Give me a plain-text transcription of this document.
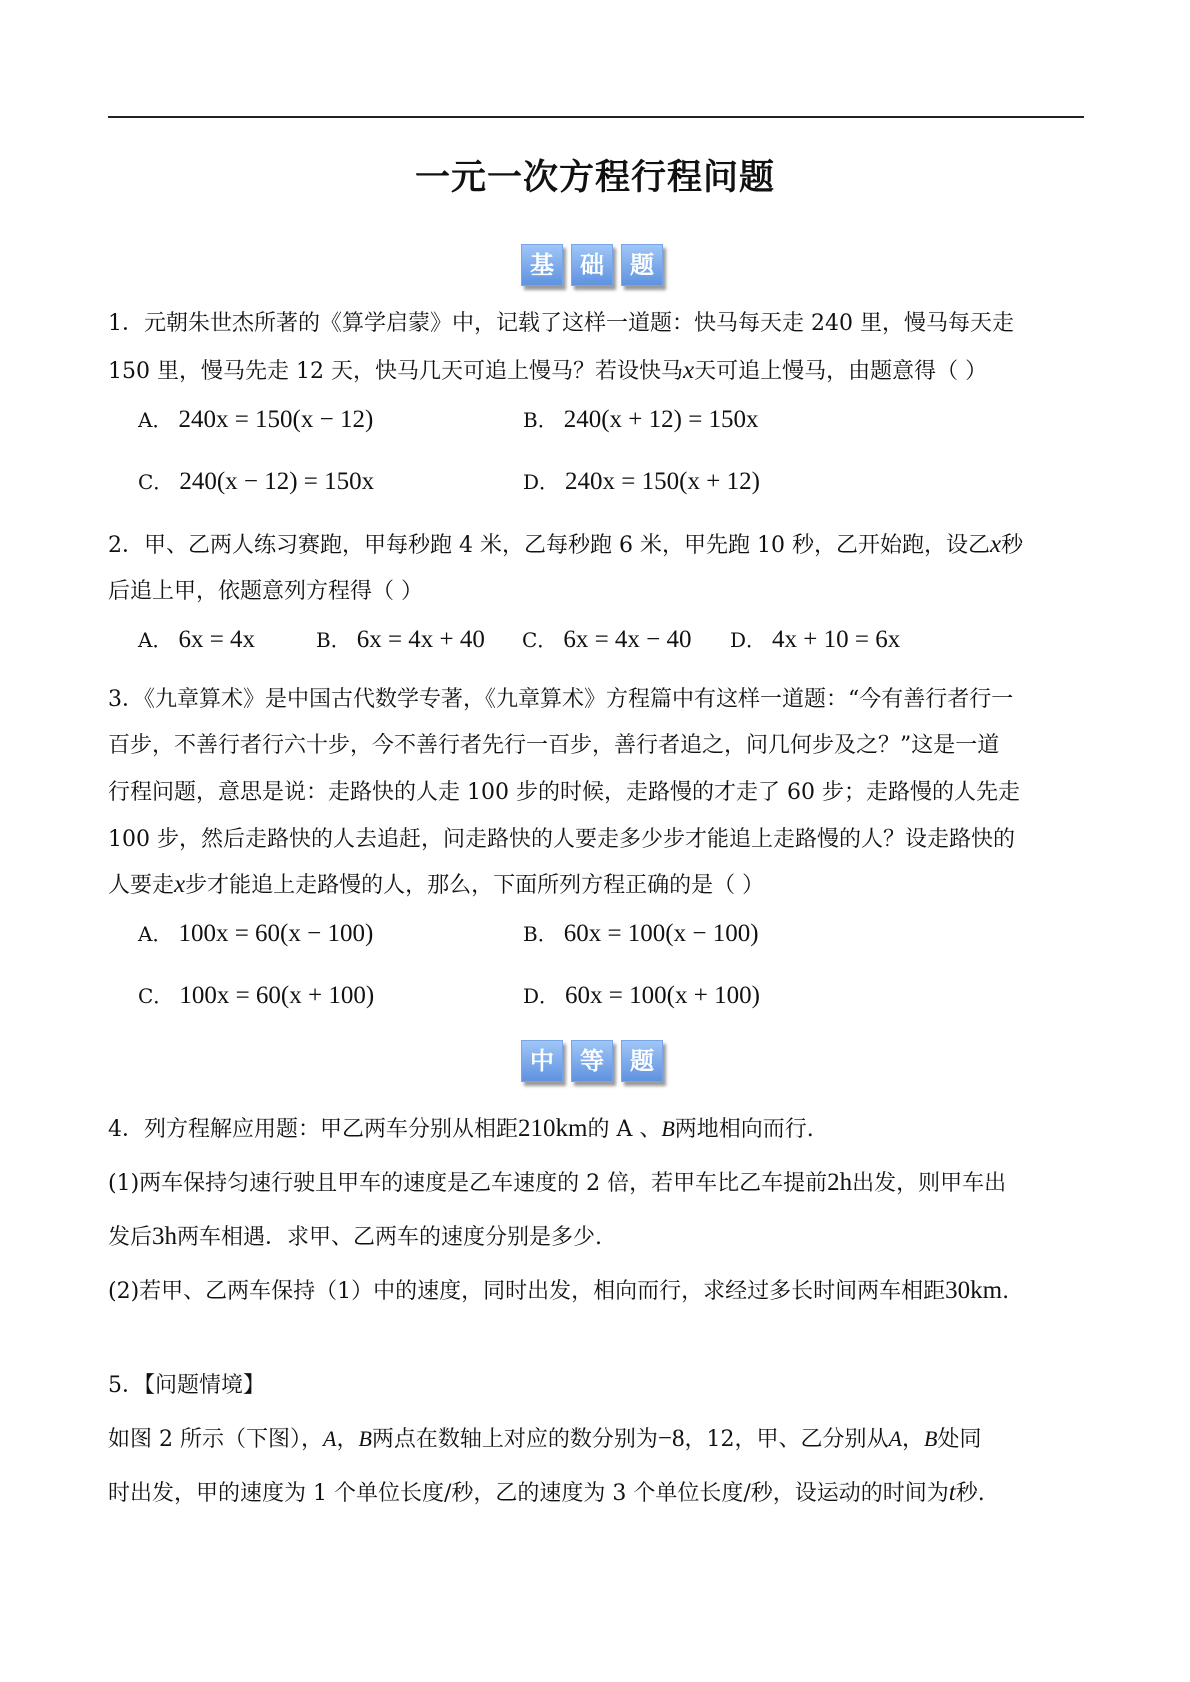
一元一次方程行程问题
基	础	题
1．元朝朱世杰所著的《算学启蒙》中，记载了这样一道题：快马每天走 240 里，慢马每天走
150 里，慢马先走 12 天，快马几天可追上慢马？若设快马x天可追上慢马，由题意得（ ）
A． 240x = 150(x − 12)	B． 240(x + 12) = 150x
C． 240(x − 12) = 150x	D． 240x = 150(x + 12)
2．甲、乙两人练习赛跑，甲每秒跑 4 米，乙每秒跑 6 米，甲先跑 10 秒，乙开始跑，设乙x秒
后追上甲，依题意列方程得（ ）
A． 6x = 4x	B． 6x = 4x + 40 C． 6x = 4x − 40 D． 4x + 10 = 6x
3．《九章算术》是中国古代数学专著，《九章算术》方程篇中有这样一道题：“今有善行者行一
百步，不善行者行六十步，今不善行者先行一百步，善行者追之，问几何步及之？”这是一道
行程问题，意思是说：走路快的人走 100 步的时候，走路慢的才走了 60 步；走路慢的人先走
100 步，然后走路快的人去追赶，问走路快的人要走多少步才能追上走路慢的人？设走路快的
人要走x步才能追上走路慢的人，那么，下面所列方程正确的是（ ）
A． 100x = 60(x − 100)	B． 60x = 100(x − 100)
C． 100x = 60(x + 100)	D． 60x = 100(x + 100)
中	等	题
4．列方程解应用题：甲乙两车分别从相距210km的 A 、B两地相向而行.
(1)两车保持匀速行驶且甲车的速度是乙车速度的 2 倍，若甲车比乙车提前2h出发，则甲车出
发后3h两车相遇．求甲、乙两车的速度分别是多少.
(2)若甲、乙两车保持（1）中的速度，同时出发，相向而行，求经过多长时间两车相距30km.
5．【问题情境】
如图 2 所示（下图），A，B两点在数轴上对应的数分别为−8，12，甲、乙分别从A，B处同
时出发，甲的速度为 1 个单位长度/秒，乙的速度为 3 个单位长度/秒，设运动的时间为t秒.
